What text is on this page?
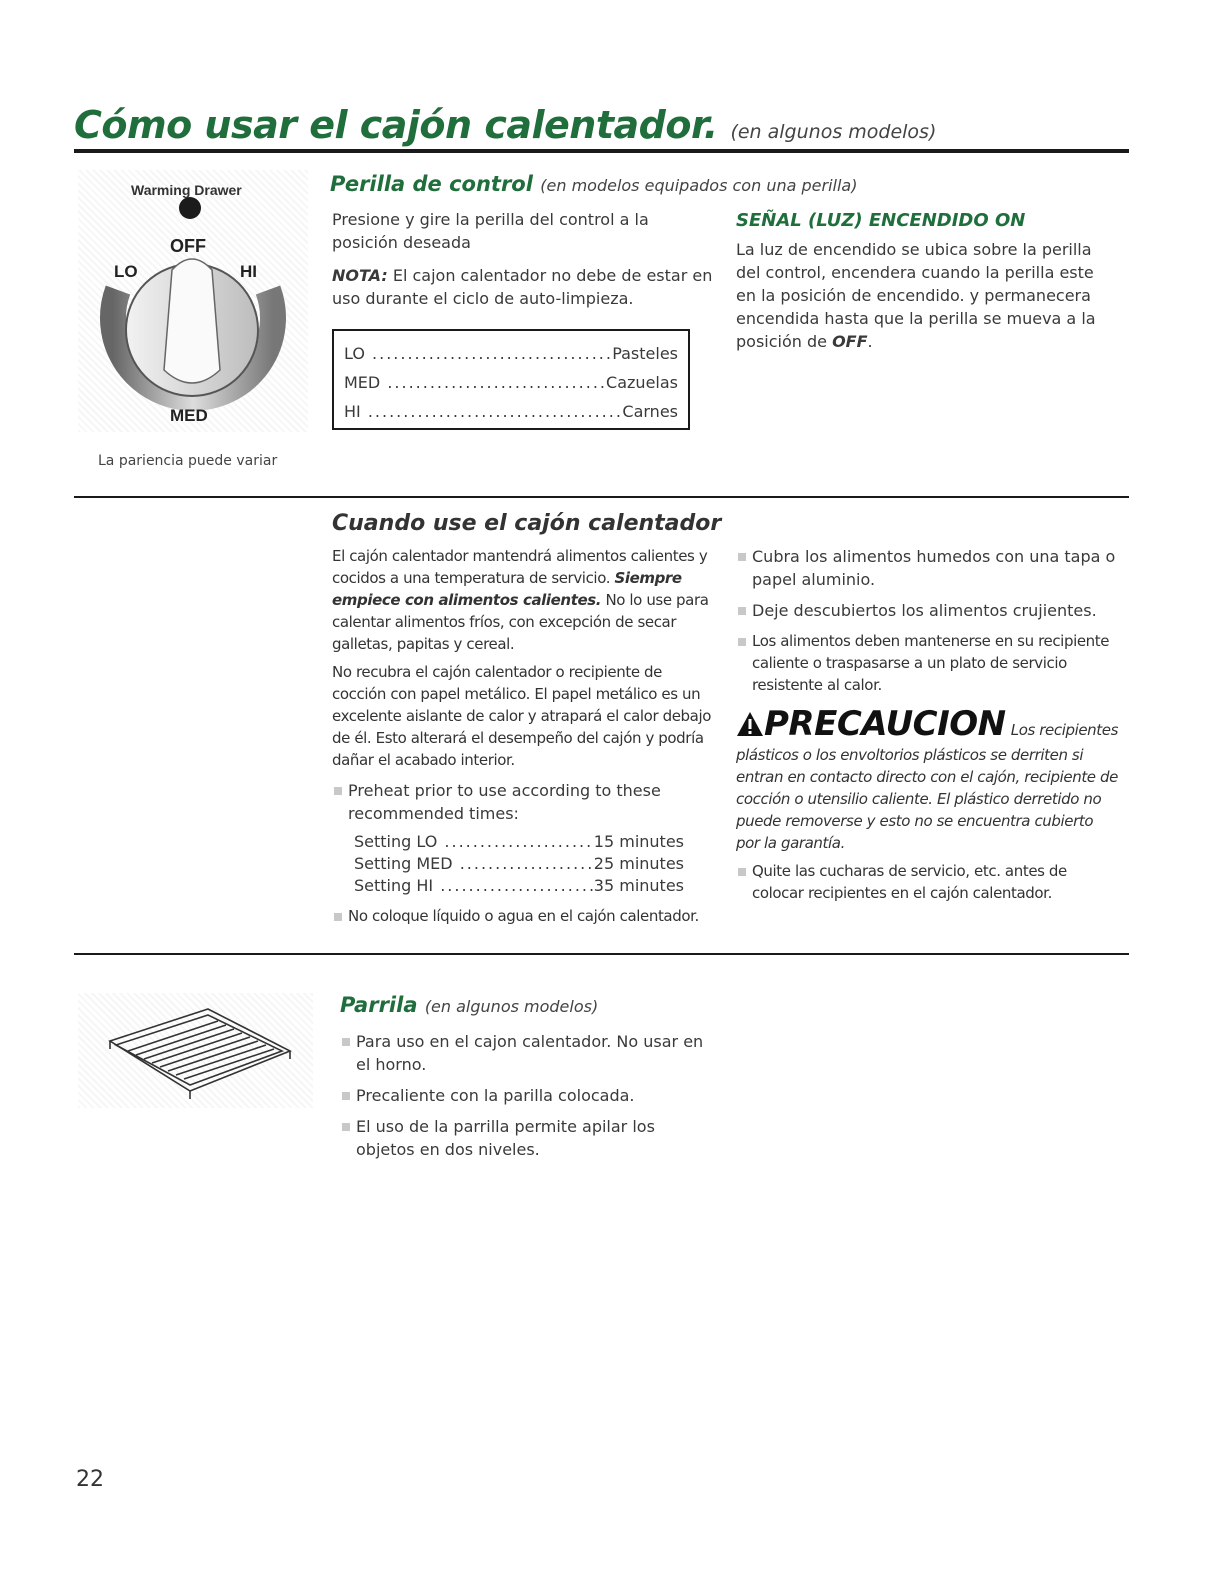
Cómo usar el cajón calentador. (en algunos modelos)
Warming Drawer
OFF
LO	HI
MED
La pariencia puede variar
Perilla de control (en modelos equipados con una perilla)

Presione y gire la perilla del control a la posición deseada

NOTA: El cajon calentador no debe de estar en uso durante el ciclo de auto-limpieza.

LO .....	Pasteles
MED .....	Cazuelas
HI .....	Carnes
SEÑAL (LUZ) ENCENDIDO ON

La luz de encendido se ubica sobre la perilla del control, encendera cuando la perilla este en la posición de encendido. y permanecera encendida hasta que la perilla se mueva a la posición de OFF.

Cuando use el cajón calentador

El cajón calentador mantendrá alimentos calientes y cocidos a una temperatura de servicio. Siempre empiece con alimentos calientes. No lo use para calentar alimentos fríos, con excepción de secar galletas, papitas y cereal.

No recubra el cajón calentador o recipiente de cocción con papel metálico. El papel metálico es un excelente aislante de calor y atrapará el calor debajo de él. Esto alterará el desempeño del cajón y podría dañar el acabado interior.

Preheat prior to use according to these recommended times:

Setting LO .....	15 minutes
Setting MED .....	25 minutes
Setting HI .....	35 minutes

No coloque líquido o agua en el cajón calentador.

Cubra los alimentos humedos con una tapa o papel aluminio.

Deje descubiertos los alimentos crujientes.

Los alimentos deben mantenerse en su recipiente caliente o traspasarse a un plato de servicio resistente al calor.

PRECAUCION Los recipientes

plásticos o los envoltorios plásticos se derriten si entran en contacto directo con el cajón, recipiente de cocción o utensilio caliente. El plástico derretido no puede removerse y esto no se encuentra cubierto por la garantía.

Quite las cucharas de servicio, etc. antes de colocar recipientes en el cajón calentador.

Parrila (en algunos modelos)

Para uso en el cajon calentador. No usar en el horno.

Precaliente con la parilla colocada.

El uso de la parrilla permite apilar los objetos en dos niveles.

22
